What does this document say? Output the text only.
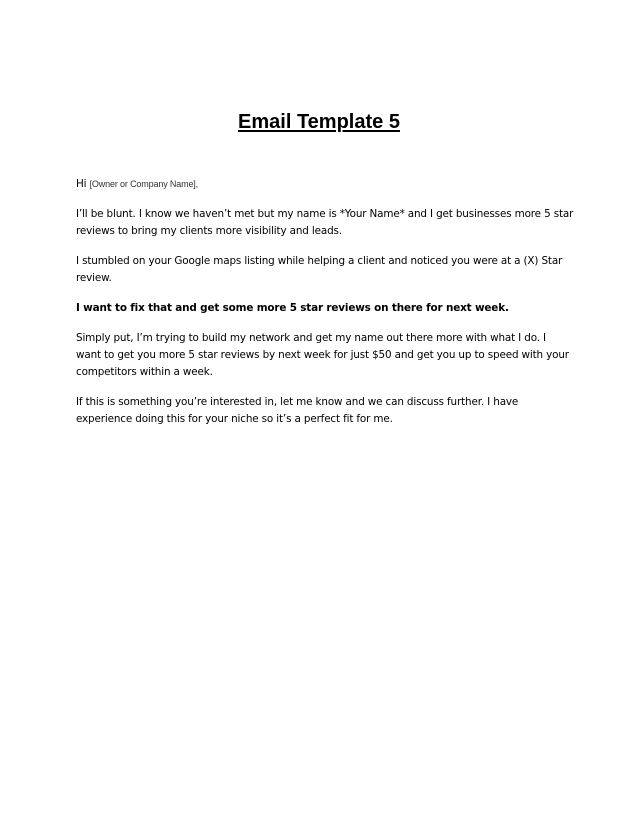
Email Template 5

Hi [Owner or Company Name],

I’ll be blunt. I know we haven’t met but my name is *Your Name* and I get businesses more 5 star reviews to bring my clients more visibility and leads.

I stumbled on your Google maps listing while helping a client and noticed you were at a (X) Star review.

I want to fix that and get some more 5 star reviews on there for next week.

Simply put, I’m trying to build my network and get my name out there more with what I do. I want to get you more 5 star reviews by next week for just $50 and get you up to speed with your competitors within a week.

If this is something you’re interested in, let me know and we can discuss further. I have experience doing this for your niche so it’s a perfect fit for me.
